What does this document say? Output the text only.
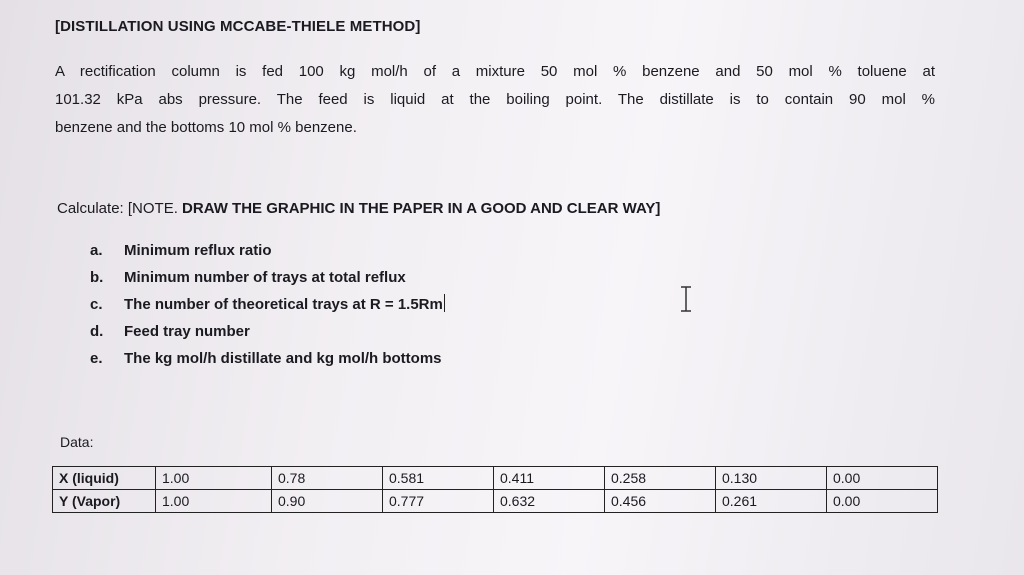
[DISTILLATION USING MCCABE-THIELE METHOD]
A rectification column is fed 100 kg mol/h of a mixture 50 mol % benzene and 50 mol % toluene at
101.32 kPa abs pressure. The feed is liquid at the boiling point. The distillate is to contain 90 mol %
benzene and the bottoms 10 mol % benzene.
Calculate: [NOTE. DRAW THE GRAPHIC IN THE PAPER IN A GOOD AND CLEAR WAY]
a.	Minimum reflux ratio
b.	Minimum number of trays at total reflux
c.	The number of theoretical trays at R = 1.5Rm
d.	Feed tray number
e.	The kg mol/h distillate and kg mol/h bottoms
Data:
X (liquid)	1.00	0.78	0.581	0.411	0.258	0.130	0.00
Y (Vapor)	1.00	0.90	0.777	0.632	0.456	0.261	0.00
